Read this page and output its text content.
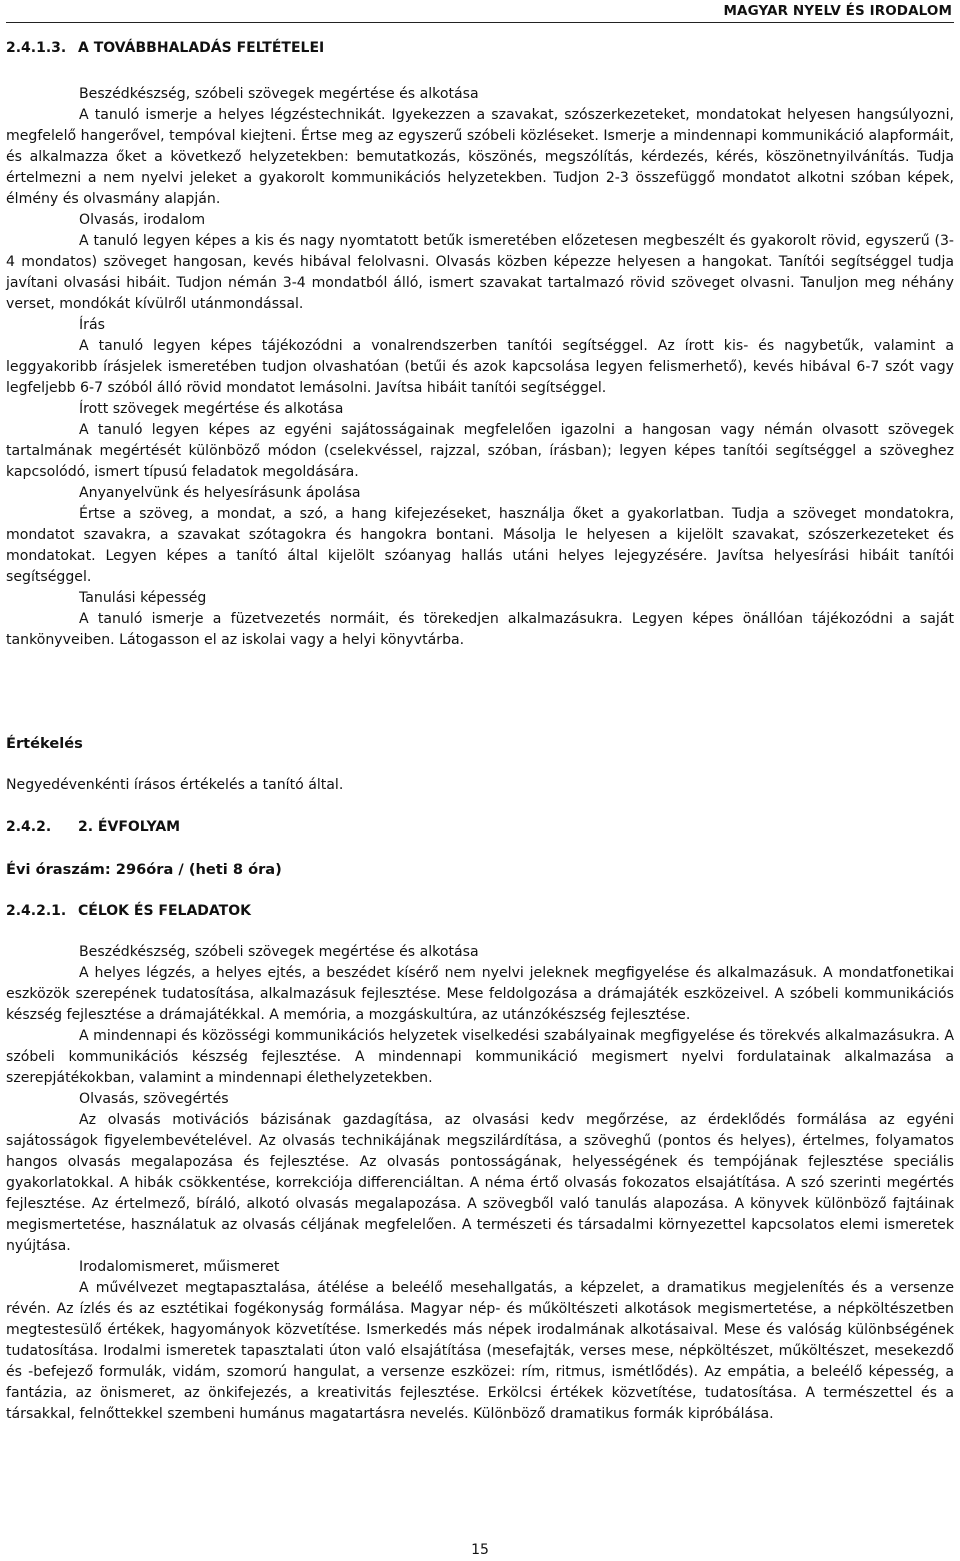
MAGYAR NYELV ÉS IRODALOM
2.4.1.3. A TOVÁBBHALADÁS FELTÉTELEI
Beszédkészség, szóbeli szövegek megértése és alkotása

A tanuló ismerje a helyes légzéstechnikát. Igyekezzen a szavakat, szószerkezeteket, mondatokat helyesen hangsúlyozni, megfelelő hangerővel, tempóval kiejteni. Értse meg az egyszerű szóbeli közléseket. Ismerje a mindennapi kommunikáció alapformáit, és alkalmazza őket a következő helyzetekben: bemutatkozás, köszönés, megszólítás, kérdezés, kérés, köszönetnyilvánítás. Tudja értelmezni a nem nyelvi jeleket a gyakorolt kommunikációs helyzetekben. Tudjon 2-3 összefüggő mondatot alkotni szóban képek, élmény és olvasmány alapján.

Olvasás, irodalom

A tanuló legyen képes a kis és nagy nyomtatott betűk ismeretében előzetesen megbeszélt és gyakorolt rövid, egyszerű (3-4 mondatos) szöveget hangosan, kevés hibával felolvasni. Olvasás közben képezze helyesen a hangokat. Tanítói segítséggel tudja javítani olvasási hibáit. Tudjon némán 3-4 mondatból álló, ismert szavakat tartalmazó rövid szöveget olvasni. Tanuljon meg néhány verset, mondókát kívülről utánmondással.

Írás

A tanuló legyen képes tájékozódni a vonalrendszerben tanítói segítséggel. Az írott kis- és nagybetűk, valamint a leggyakoribb írásjelek ismeretében tudjon olvashatóan (betűi és azok kapcsolása legyen felismerhető), kevés hibával 6-7 szót vagy legfeljebb 6-7 szóból álló rövid mondatot lemásolni. Javítsa hibáit tanítói segítséggel.

Írott szövegek megértése és alkotása

A tanuló legyen képes az egyéni sajátosságainak megfelelően igazolni a hangosan vagy némán olvasott szövegek tartalmának megértését különböző módon (cselekvéssel, rajzzal, szóban, írásban); legyen képes tanítói segítséggel a szöveghez kapcsolódó, ismert típusú feladatok megoldására.

Anyanyelvünk és helyesírásunk ápolása

Értse a szöveg, a mondat, a szó, a hang kifejezéseket, használja őket a gyakorlatban. Tudja a szöveget mondatokra, mondatot szavakra, a szavakat szótagokra és hangokra bontani. Másolja le helyesen a kijelölt szavakat, szószerkezeteket és mondatokat. Legyen képes a tanító által kijelölt szóanyag hallás utáni helyes lejegyzésére. Javítsa helyesírási hibáit tanítói segítséggel.

Tanulási képesség

A tanuló ismerje a füzetvezetés normáit, és törekedjen alkalmazásukra. Legyen képes önállóan tájékozódni a saját tankönyveiben. Látogasson el az iskolai vagy a helyi könyvtárba.

Értékelés
Negyedévenkénti írásos értékelés a tanító által.
2.4.2. 2. ÉVFOLYAM
Évi óraszám: 296óra / (heti 8 óra)
2.4.2.1. CÉLOK ÉS FELADATOK
Beszédkészség, szóbeli szövegek megértése és alkotása

A helyes légzés, a helyes ejtés, a beszédet kísérő nem nyelvi jeleknek megfigyelése és alkalmazásuk. A mondatfonetikai eszközök szerepének tudatosítása, alkalmazásuk fejlesztése. Mese feldolgozása a drámajáték eszközeivel. A szóbeli kommunikációs készség fejlesztése a drámajátékkal. A memória, a mozgáskultúra, az utánzókészség fejlesztése.

A mindennapi és közösségi kommunikációs helyzetek viselkedési szabályainak megfigyelése és törekvés alkalmazásukra. A szóbeli kommunikációs készség fejlesztése. A mindennapi kommunikáció megismert nyelvi fordulatainak alkalmazása a szerepjátékokban, valamint a mindennapi élethelyzetekben.

Olvasás, szövegértés

Az olvasás motivációs bázisának gazdagítása, az olvasási kedv megőrzése, az érdeklődés formálása az egyéni sajátosságok figyelembevételével. Az olvasás technikájának megszilárdítása, a szöveghű (pontos és helyes), értelmes, folyamatos hangos olvasás megalapozása és fejlesztése. Az olvasás pontosságának, helyességének és tempójának fejlesztése speciális gyakorlatokkal. A hibák csökkentése, korrekciója differenciáltan. A néma értő olvasás fokozatos elsajátítása. A szó szerinti megértés fejlesztése. Az értelmező, bíráló, alkotó olvasás megalapozása. A szövegből való tanulás alapozása. A könyvek különböző fajtáinak megismertetése, használatuk az olvasás céljának megfelelően. A természeti és társadalmi környezettel kapcsolatos elemi ismeretek nyújtása.

Irodalomismeret, műismeret

A művélvezet megtapasztalása, átélése a beleélő mesehallgatás, a képzelet, a dramatikus megjelenítés és a versenze révén. Az ízlés és az esztétikai fogékonyság formálása. Magyar nép- és műköltészeti alkotások megismertetése, a népköltészetben megtestesülő értékek, hagyományok közvetítése. Ismerkedés más népek irodalmának alkotásaival. Mese és valóság különbségének tudatosítása. Irodalmi ismeretek tapasztalati úton való elsajátítása (mesefajták, verses mese, népköltészet, műköltészet, mesekezdő és -befejező formulák, vidám, szomorú hangulat, a versenze eszközei: rím, ritmus, ismétlődés). Az empátia, a beleélő képesség, a fantázia, az önismeret, az önkifejezés, a kreativitás fejlesztése. Erkölcsi értékek közvetítése, tudatosítása. A természettel és a társakkal, felnőttekkel szembeni humánus magatartásra nevelés. Különböző dramatikus formák kipróbálása.

15
